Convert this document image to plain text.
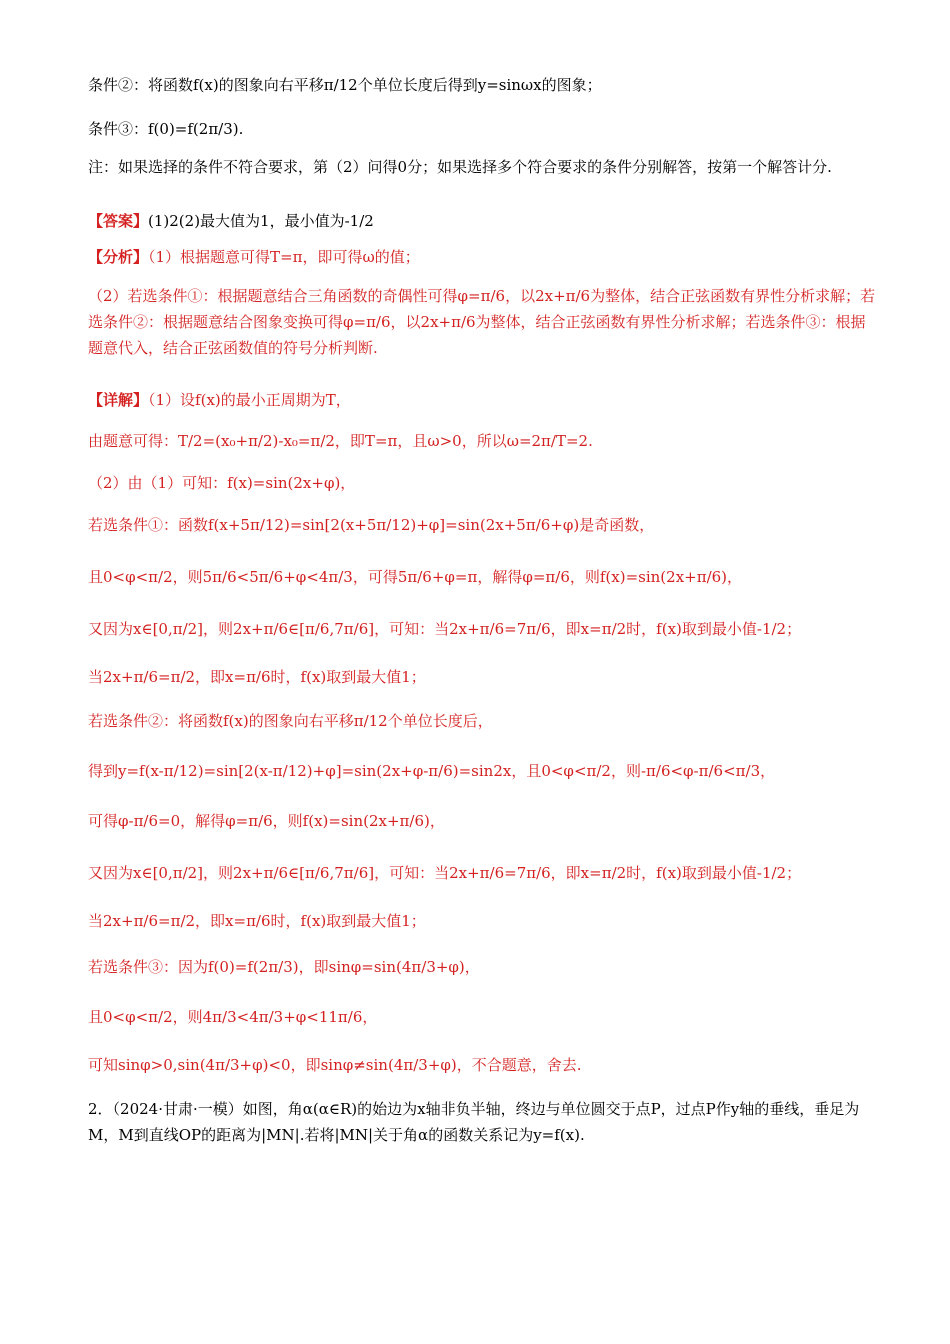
条件②：将函数f(x)的图象向右平移π/12个单位长度后得到y=sinωx的图象；
条件③：f(0)=f(2π/3).
注：如果选择的条件不符合要求，第（2）问得0分；如果选择多个符合要求的条件分别解答，按第一个解答计分.
【答案】(1)2(2)最大值为1，最小值为-1/2
【分析】（1）根据题意可得T=π，即可得ω的值；
（2）若选条件①：根据题意结合三角函数的奇偶性可得φ=π/6，以2x+π/6为整体，结合正弦函数有界性分析求解；若选条件②：根据题意结合图象变换可得φ=π/6，以2x+π/6为整体，结合正弦函数有界性分析求解；若选条件③：根据题意代入，结合正弦函数值的符号分析判断.
【详解】（1）设f(x)的最小正周期为T，
由题意可得：T/2=(x₀+π/2)-x₀=π/2，即T=π，且ω>0，所以ω=2π/T=2.
（2）由（1）可知：f(x)=sin(2x+φ)，
若选条件①：函数f(x+5π/12)=sin[2(x+5π/12)+φ]=sin(2x+5π/6+φ)是奇函数，
且0<φ<π/2，则5π/6<5π/6+φ<4π/3，可得5π/6+φ=π，解得φ=π/6，则f(x)=sin(2x+π/6)，
又因为x∈[0,π/2]，则2x+π/6∈[π/6,7π/6]，可知：当2x+π/6=7π/6，即x=π/2时，f(x)取到最小值-1/2；
当2x+π/6=π/2，即x=π/6时，f(x)取到最大值1；
若选条件②：将函数f(x)的图象向右平移π/12个单位长度后，
得到y=f(x-π/12)=sin[2(x-π/12)+φ]=sin(2x+φ-π/6)=sin2x，且0<φ<π/2，则-π/6<φ-π/6<π/3，
可得φ-π/6=0，解得φ=π/6，则f(x)=sin(2x+π/6)，
又因为x∈[0,π/2]，则2x+π/6∈[π/6,7π/6]，可知：当2x+π/6=7π/6，即x=π/2时，f(x)取到最小值-1/2；
当2x+π/6=π/2，即x=π/6时，f(x)取到最大值1；
若选条件③：因为f(0)=f(2π/3)，即sinφ=sin(4π/3+φ)，
且0<φ<π/2，则4π/3<4π/3+φ<11π/6，
可知sinφ>0,sin(4π/3+φ)<0，即sinφ≠sin(4π/3+φ)，不合题意，舍去.
2．（2024·甘肃·一模）如图，角α(α∈R)的始边为x轴非负半轴，终边与单位圆交于点P，过点P作y轴的垂线，垂足为M，M到直线OP的距离为|MN|.若将|MN|关于角α的函数关系记为y=f(x).
